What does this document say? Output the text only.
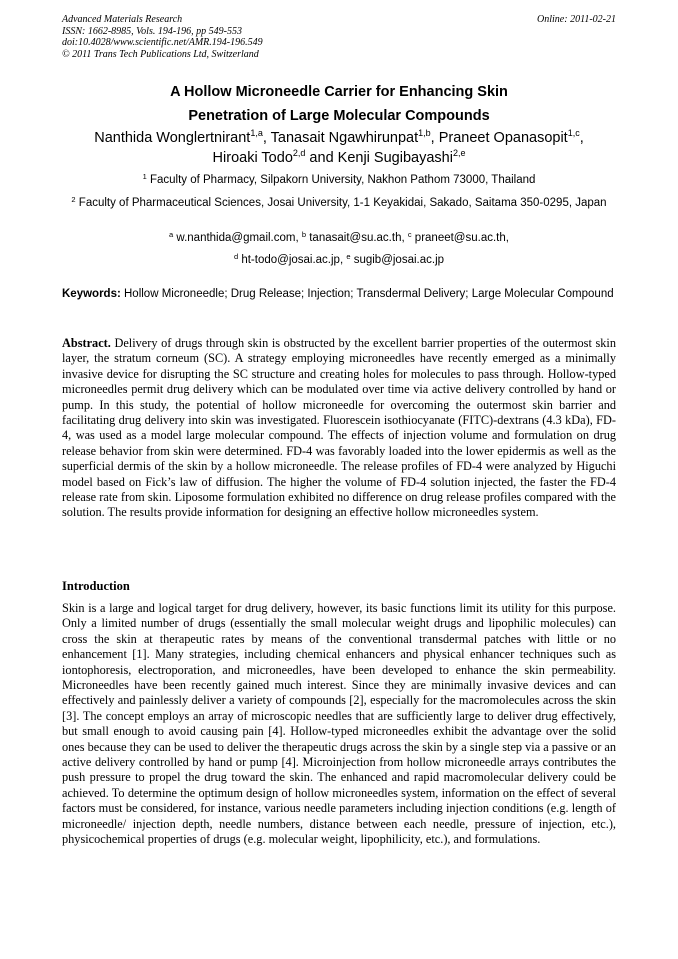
Advanced Materials Research
ISSN: 1662-8985, Vols. 194-196, pp 549-553
doi:10.4028/www.scientific.net/AMR.194-196.549
© 2011 Trans Tech Publications Ltd, Switzerland
Online: 2011-02-21
A Hollow Microneedle Carrier for Enhancing Skin
Penetration of Large Molecular Compounds
Nanthida Wonglertnirant$^{1,a}$, Tanasait Ngawhirunpat$^{1,b}$, Praneet Opanasopit$^{1,c}$,
Hiroaki Todo$^{2,d}$ and Kenji Sugibayashi$^{2,e}$
$^1$ Faculty of Pharmacy, Silpakorn University, Nakhon Pathom 73000, Thailand
$^2$ Faculty of Pharmaceutical Sciences, Josai University, 1-1 Keyakidai, Sakado, Saitama 350-0295, Japan
$^a$ w.nanthida@gmail.com, $^b$ tanasait@su.ac.th, $^c$ praneet@su.ac.th,
$^d$ ht-todo@josai.ac.jp, $^e$ sugib@josai.ac.jp
Keywords: Hollow Microneedle; Drug Release; Injection; Transdermal Delivery; Large Molecular Compound
Abstract. Delivery of drugs through skin is obstructed by the excellent barrier properties of the outermost skin layer, the stratum corneum (SC). A strategy employing microneedles have recently emerged as a minimally invasive device for disrupting the SC structure and creating holes for molecules to pass through. Hollow-typed microneedles permit drug delivery which can be modulated over time via active delivery controlled by hand or pump. In this study, the potential of hollow microneedle for overcoming the outermost skin barrier and facilitating drug delivery into skin was investigated. Fluorescein isothiocyanate (FITC)-dextrans (4.3 kDa), FD-4, was used as a model large molecular compound. The effects of injection volume and formulation on drug release behavior from skin were determined. FD-4 was favorably loaded into the lower epidermis as well as the superficial dermis of the skin by a hollow microneedle. The release profiles of FD-4 were analyzed by Higuchi model based on Fick’s law of diffusion. The higher the volume of FD-4 solution injected, the faster the FD-4 release rate from skin. Liposome formulation exhibited no difference on drug release profiles compared with the solution. The results provide information for designing an effective hollow microneedles system.
Introduction
Skin is a large and logical target for drug delivery, however, its basic functions limit its utility for this purpose. Only a limited number of drugs (essentially the small molecular weight drugs and lipophilic molecules) can cross the skin at therapeutic rates by means of the conventional transdermal patches with little or no enhancement [1]. Many strategies, including chemical enhancers and physical enhancer techniques such as iontophoresis, electroporation, and microneedles, have been developed to enhance the skin permeability. Microneedles have been recently gained much interest. Since they are minimally invasive devices and can effectively and painlessly deliver a variety of compounds [2], especially for the macromolecules across the skin [3]. The concept employs an array of microscopic needles that are sufficiently large to deliver drug effectively, but small enough to avoid causing pain [4]. Hollow-typed microneedles exhibit the advantage over the solid ones because they can be used to deliver the therapeutic drugs across the skin by a single step via a passive or an active delivery controlled by hand or pump [4]. Microinjection from hollow microneedle arrays contributes the push pressure to propel the drug toward the skin. The enhanced and rapid macromolecular delivery could be achieved. To determine the optimum design of hollow microneedles system, information on the effect of several factors must be considered, for instance, various needle parameters including injection conditions (e.g. length of microneedle/ injection depth, needle numbers, distance between each needle, pressure of injection, etc.), physicochemical properties of drugs (e.g. molecular weight, lipophilicity, etc.), and formulations.
